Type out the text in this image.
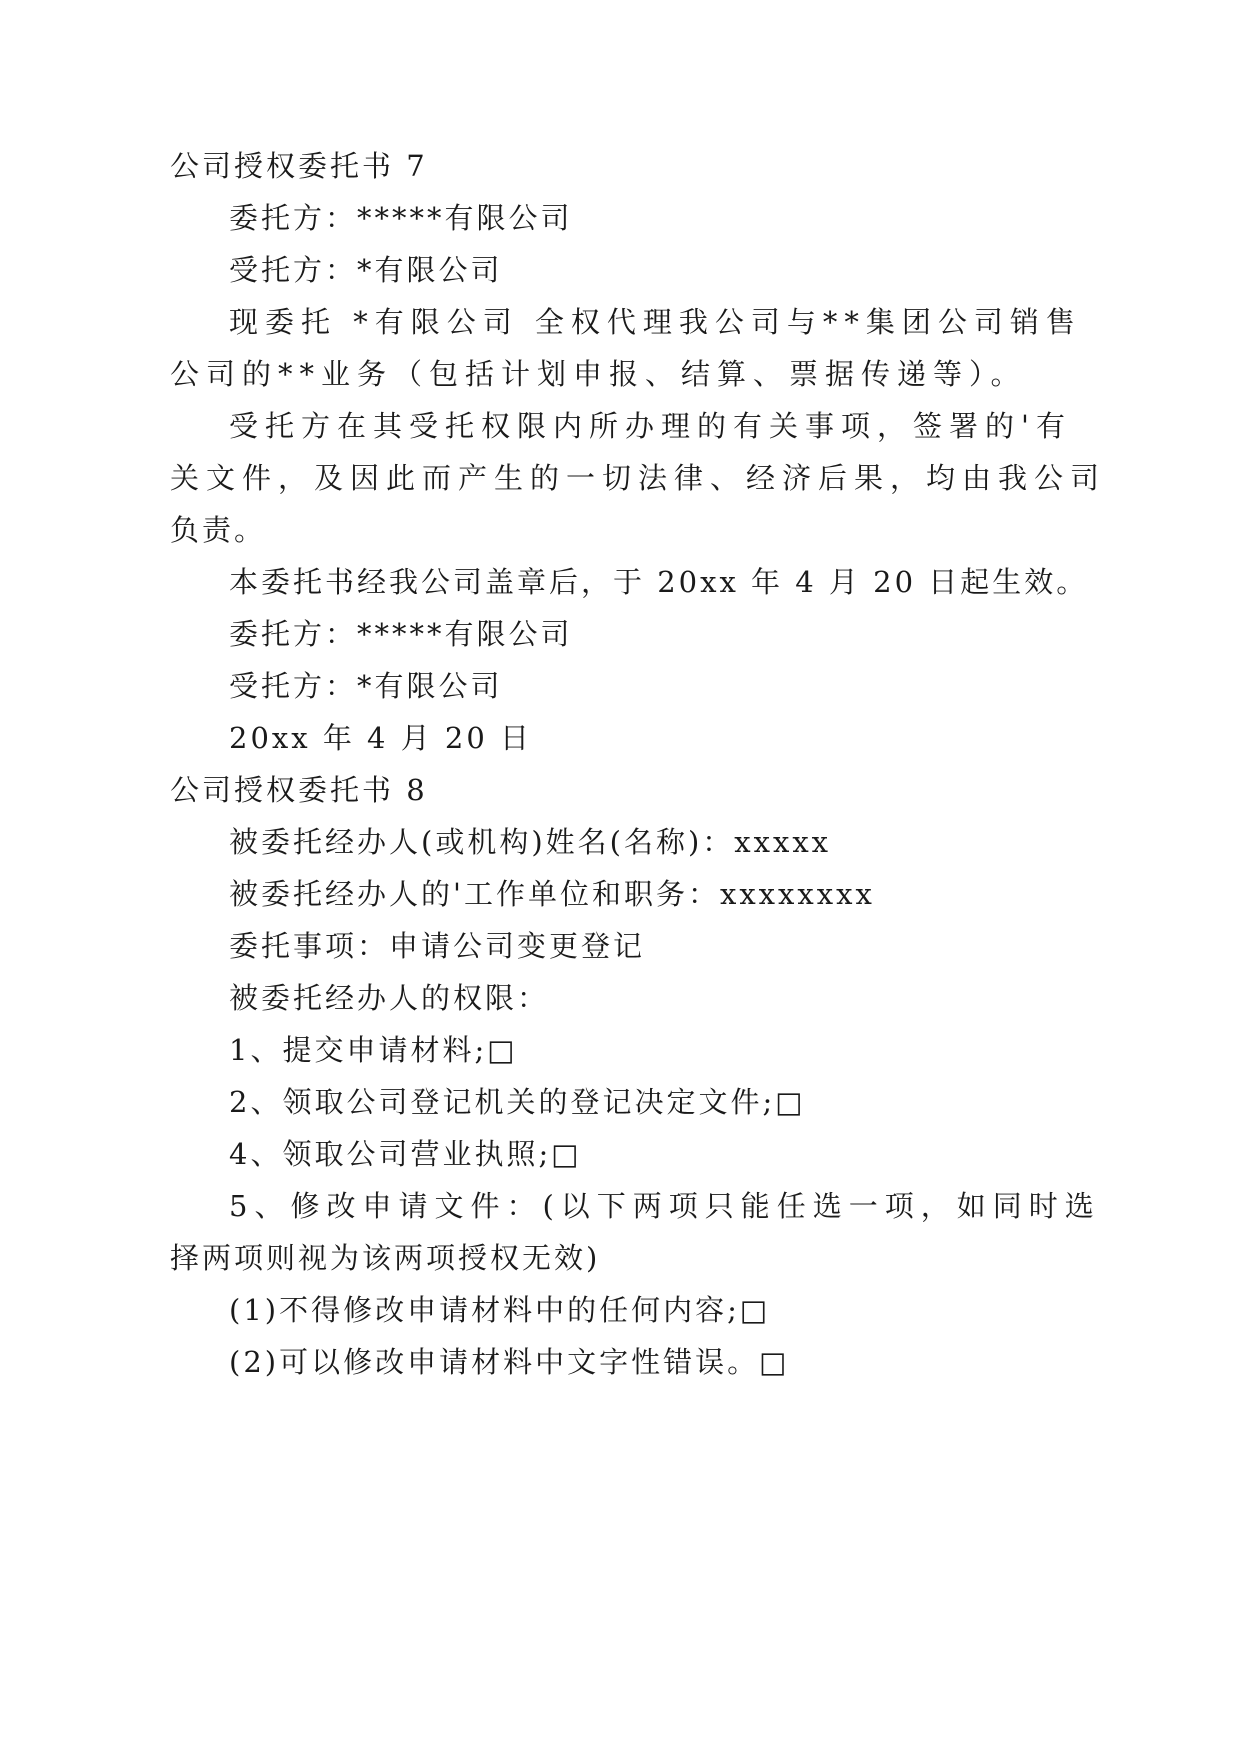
公司授权委托书 7
委托方：*****有限公司
受托方：*有限公司
现委托 *有限公司 全权代理我公司与**集团公司销售
公司的**业务（包括计划申报、结算、票据传递等）。
受托方在其受托权限内所办理的有关事项，签署的'有
关文件，及因此而产生的一切法律、经济后果，均由我公司
负责。
本委托书经我公司盖章后，于 20xx 年 4 月 20 日起生效。
委托方：*****有限公司
受托方：*有限公司
20xx 年 4 月 20 日
公司授权委托书 8
被委托经办人(或机构)姓名(名称)：xxxxx
被委托经办人的'工作单位和职务：xxxxxxxx
委托事项：申请公司变更登记
被委托经办人的权限：
1、提交申请材料;□
2、领取公司登记机关的登记决定文件;□
4、领取公司营业执照;□
5、修改申请文件：(以下两项只能任选一项，如同时选
择两项则视为该两项授权无效)
(1)不得修改申请材料中的任何内容;□
(2)可以修改申请材料中文字性错误。□
